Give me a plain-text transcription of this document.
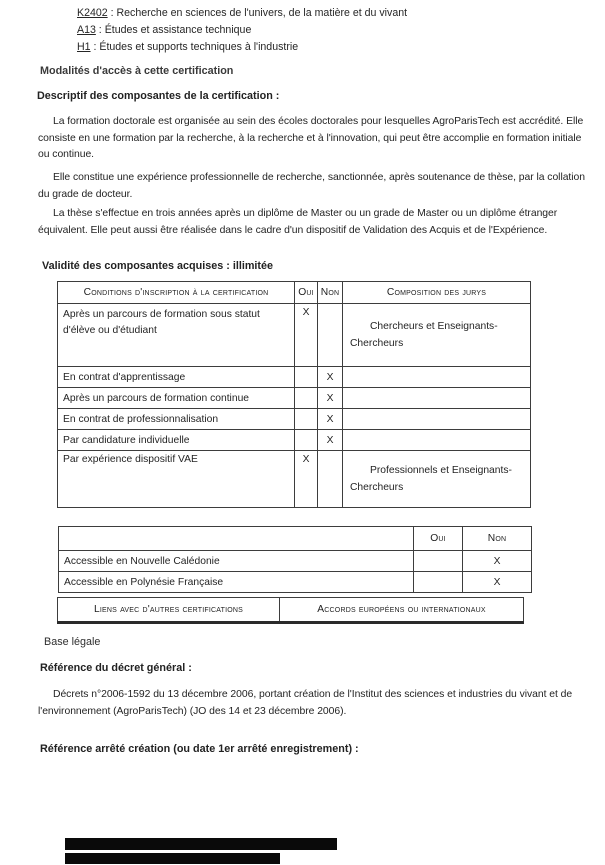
K2402 : Recherche en sciences de l'univers, de la matière et du vivant
A13 : Études et assistance technique
H1 : Études et supports techniques à l'industrie
Modalités d'accès à cette certification
Descriptif des composantes de la certification :
La formation doctorale est organisée au sein des écoles doctorales pour lesquelles AgroParisTech est accrédité. Elle consiste en une formation par la recherche, à la recherche et à l'innovation, qui peut être accomplie en formation initiale ou continue.
Elle constitue une expérience professionnelle de recherche, sanctionnée, après soutenance de thèse, par la collation du grade de docteur.
La thèse s'effectue en trois années après un diplôme de Master ou un grade de Master ou un diplôme étranger équivalent. Elle peut aussi être réalisée dans le cadre d'un dispositif de Validation des Acquis et de l'Expérience.
Validité des composantes acquises : illimitée
Conditions d'inscription à la certification	Oui	Non	Composition des jurys
Après un parcours de formation sous statut d'élève ou d'étudiant	X		Chercheurs et Enseignants-
Chercheurs

En contrat d'apprentissage		X	
Après un parcours de formation continue		X	
En contrat de professionnalisation		X	
Par candidature individuelle		X	
Par expérience dispositif VAE	X		Professionnels et Enseignants-
Chercheurs
	Oui	Non
Accessible en Nouvelle Calédonie		X
Accessible en Polynésie Française		X
Liens avec d'autres certifications	Accords européens ou internationaux
Base légale
Référence du décret général :
Décrets n°2006-1592 du 13 décembre 2006, portant création de l'Institut des sciences et industries du vivant et de l'environnement (AgroParisTech) (JO des 14 et 23 décembre 2006).
Référence arrêté création (ou date 1er arrêté enregistrement) :
